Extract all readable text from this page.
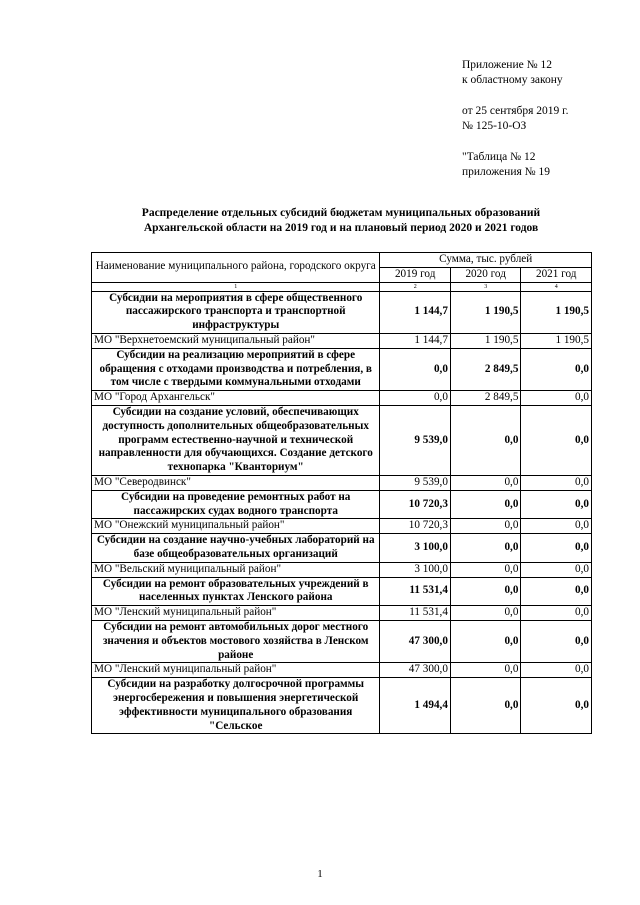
Приложение № 12
к областному закону
от 25 сентября 2019 г.
№ 125-10-ОЗ
"Таблица № 12
приложения № 19
Распределение отдельных субсидий бюджетам муниципальных образований
Архангельской области на 2019 год и на плановый период 2020 и 2021 годов
Наименование муниципального района, городского округа	Сумма, тыс. рублей		
	2019 год	2020 год	2021 год
1	2	3	4
Субсидии на мероприятия в сфере общественного пассажирского транспорта и транспортной инфраструктуры	1 144,7	1 190,5	1 190,5
МО "Верхнетоемский муниципальный район"	1 144,7	1 190,5	1 190,5
Субсидии на реализацию мероприятий в сфере обращения с отходами производства и потребления, в том числе с твердыми коммунальными отходами	0,0	2 849,5	0,0
МО "Город Архангельск"	0,0	2 849,5	0,0
Субсидии на создание условий, обеспечивающих доступность дополнительных общеобразовательных программ естественно-научной и технической направленности для обучающихся. Создание детского технопарка "Кванториум"	9 539,0	0,0	0,0
МО "Северодвинск"	9 539,0	0,0	0,0
Субсидии на проведение ремонтных работ на пассажирских судах водного транспорта	10 720,3	0,0	0,0
МО "Онежский муниципальный район"	10 720,3	0,0	0,0
Субсидии на создание научно-учебных лабораторий на базе общеобразовательных организаций	3 100,0	0,0	0,0
МО "Вельский муниципальный район"	3 100,0	0,0	0,0
Субсидии на ремонт образовательных учреждений в населенных пунктах Ленского района	11 531,4	0,0	0,0
МО "Ленский муниципальный район"	11 531,4	0,0	0,0
Субсидии на ремонт автомобильных дорог местного значения и объектов мостового хозяйства в Ленском районе	47 300,0	0,0	0,0
МО "Ленский муниципальный район"	47 300,0	0,0	0,0
Субсидии на разработку долгосрочной программы энергосбережения и повышения энергетической эффективности муниципального образования "Сельское	1 494,4	0,0	0,0
1
